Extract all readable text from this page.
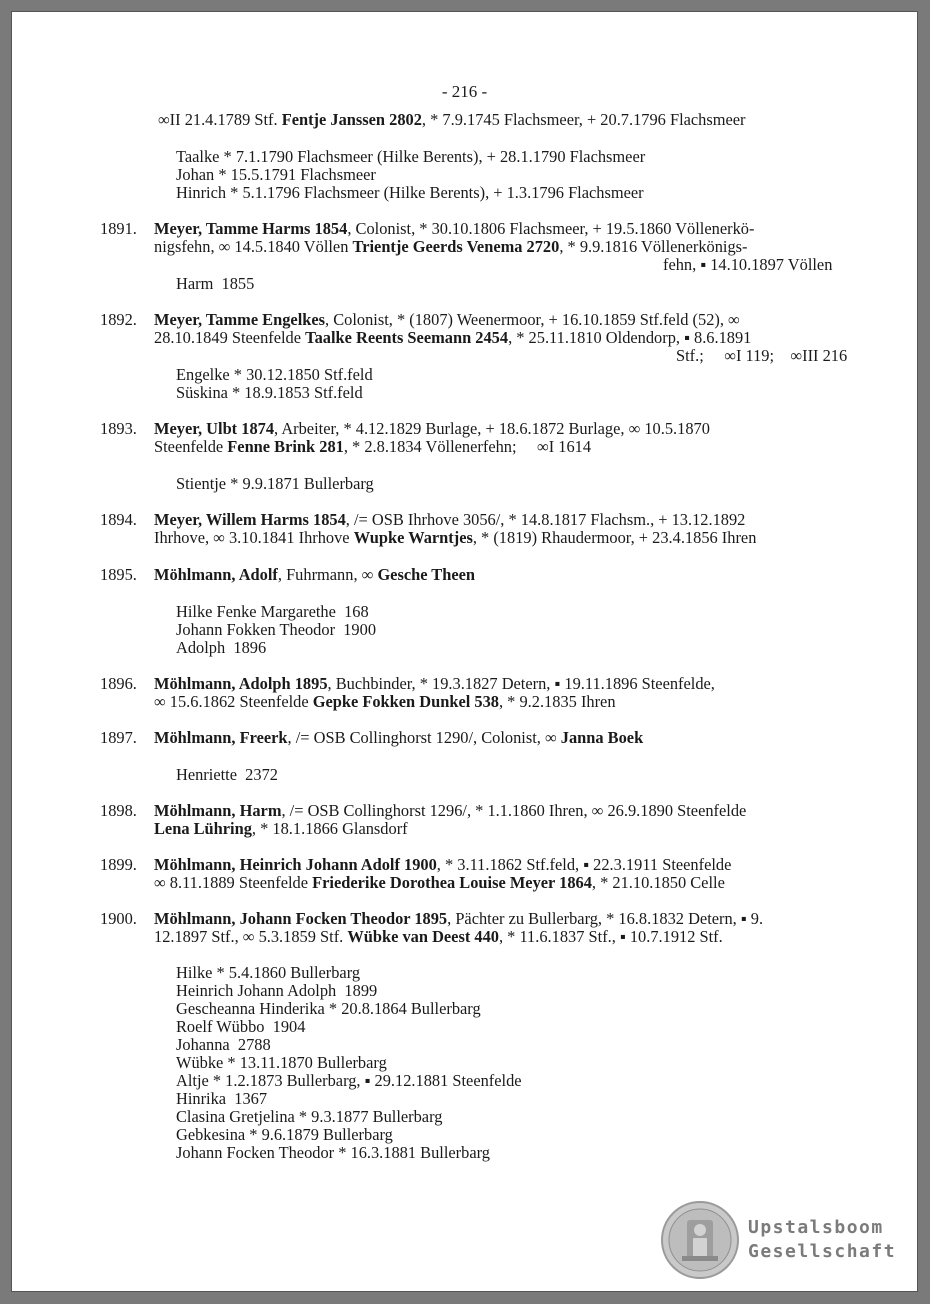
- 216 -
∞II 21.4.1789 Stf. Fentje Janssen 2802, * 7.9.1745 Flachsmeer, + 20.7.1796 Flachsmeer
Taalke * 7.1.1790 Flachsmeer (Hilke Berents), + 28.1.1790 Flachsmeer
Johan * 15.5.1791 Flachsmeer
Hinrich * 5.1.1796 Flachsmeer (Hilke Berents), + 1.3.1796 Flachsmeer
1891. Meyer, Tamme Harms 1854, Colonist, * 30.10.1806 Flachsmeer, + 19.5.1860 Völlenerkö-
nigsfehn, ∞ 14.5.1840 Völlen Trientje Geerds Venema 2720, * 9.9.1816 Völlenerkönigs-
fehn, ▪ 14.10.1897 Völlen
Harm  1855
1892. Meyer, Tamme Engelkes, Colonist, * (1807) Weenermoor, + 16.10.1859 Stf.feld (52), ∞
28.10.1849 Steenfelde Taalke Reents Seemann 2454, * 25.11.1810 Oldendorp, ▪ 8.6.1891
Stf.;     ∞I 119;    ∞III 216
Engelke * 30.12.1850 Stf.feld
Süskina * 18.9.1853 Stf.feld
1893. Meyer, Ulbt 1874, Arbeiter, * 4.12.1829 Burlage, + 18.6.1872 Burlage, ∞ 10.5.1870
Steenfelde Fenne Brink 281, * 2.8.1834 Völlenerfehn;     ∞I 1614
Stientje * 9.9.1871 Bullerbarg
1894. Meyer, Willem Harms 1854, /= OSB Ihrhove 3056/, * 14.8.1817 Flachsm., + 13.12.1892
Ihrhove, ∞ 3.10.1841 Ihrhove Wupke Warntjes, * (1819) Rhaudermoor, + 23.4.1856 Ihren
1895. Möhlmann, Adolf, Fuhrmann, ∞ Gesche Theen
Hilke Fenke Margarethe  168
Johann Fokken Theodor  1900
Adolph  1896
1896. Möhlmann, Adolph 1895, Buchbinder, * 19.3.1827 Detern, ▪ 19.11.1896 Steenfelde,
∞ 15.6.1862 Steenfelde Gepke Fokken Dunkel 538, * 9.2.1835 Ihren
1897. Möhlmann, Freerk, /= OSB Collinghorst 1290/, Colonist, ∞ Janna Boek
Henriette  2372
1898. Möhlmann, Harm, /= OSB Collinghorst 1296/, * 1.1.1860 Ihren, ∞ 26.9.1890 Steenfelde
Lena Lühring, * 18.1.1866 Glansdorf
1899. Möhlmann, Heinrich Johann Adolf 1900, * 3.11.1862 Stf.feld, ▪ 22.3.1911 Steenfelde
∞ 8.11.1889 Steenfelde Friederike Dorothea Louise Meyer 1864, * 21.10.1850 Celle
1900. Möhlmann, Johann Focken Theodor 1895, Pächter zu Bullerbarg, * 16.8.1832 Detern, ▪ 9.
12.1897 Stf., ∞ 5.3.1859 Stf. Wübke van Deest 440, * 11.6.1837 Stf., ▪ 10.7.1912 Stf.
Hilke * 5.4.1860 Bullerbarg
Heinrich Johann Adolph  1899
Gescheanna Hinderika * 20.8.1864 Bullerbarg
Roelf Wübbo  1904
Johanna  2788
Wübke * 13.11.1870 Bullerbarg
Altje * 1.2.1873 Bullerbarg, ▪ 29.12.1881 Steenfelde
Hinrika  1367
Clasina Gretjelina * 9.3.1877 Bullerbarg
Gebkesina * 9.6.1879 Bullerbarg
Johann Focken Theodor * 16.3.1881 Bullerbarg
Upstalsboom
Gesellschaft
